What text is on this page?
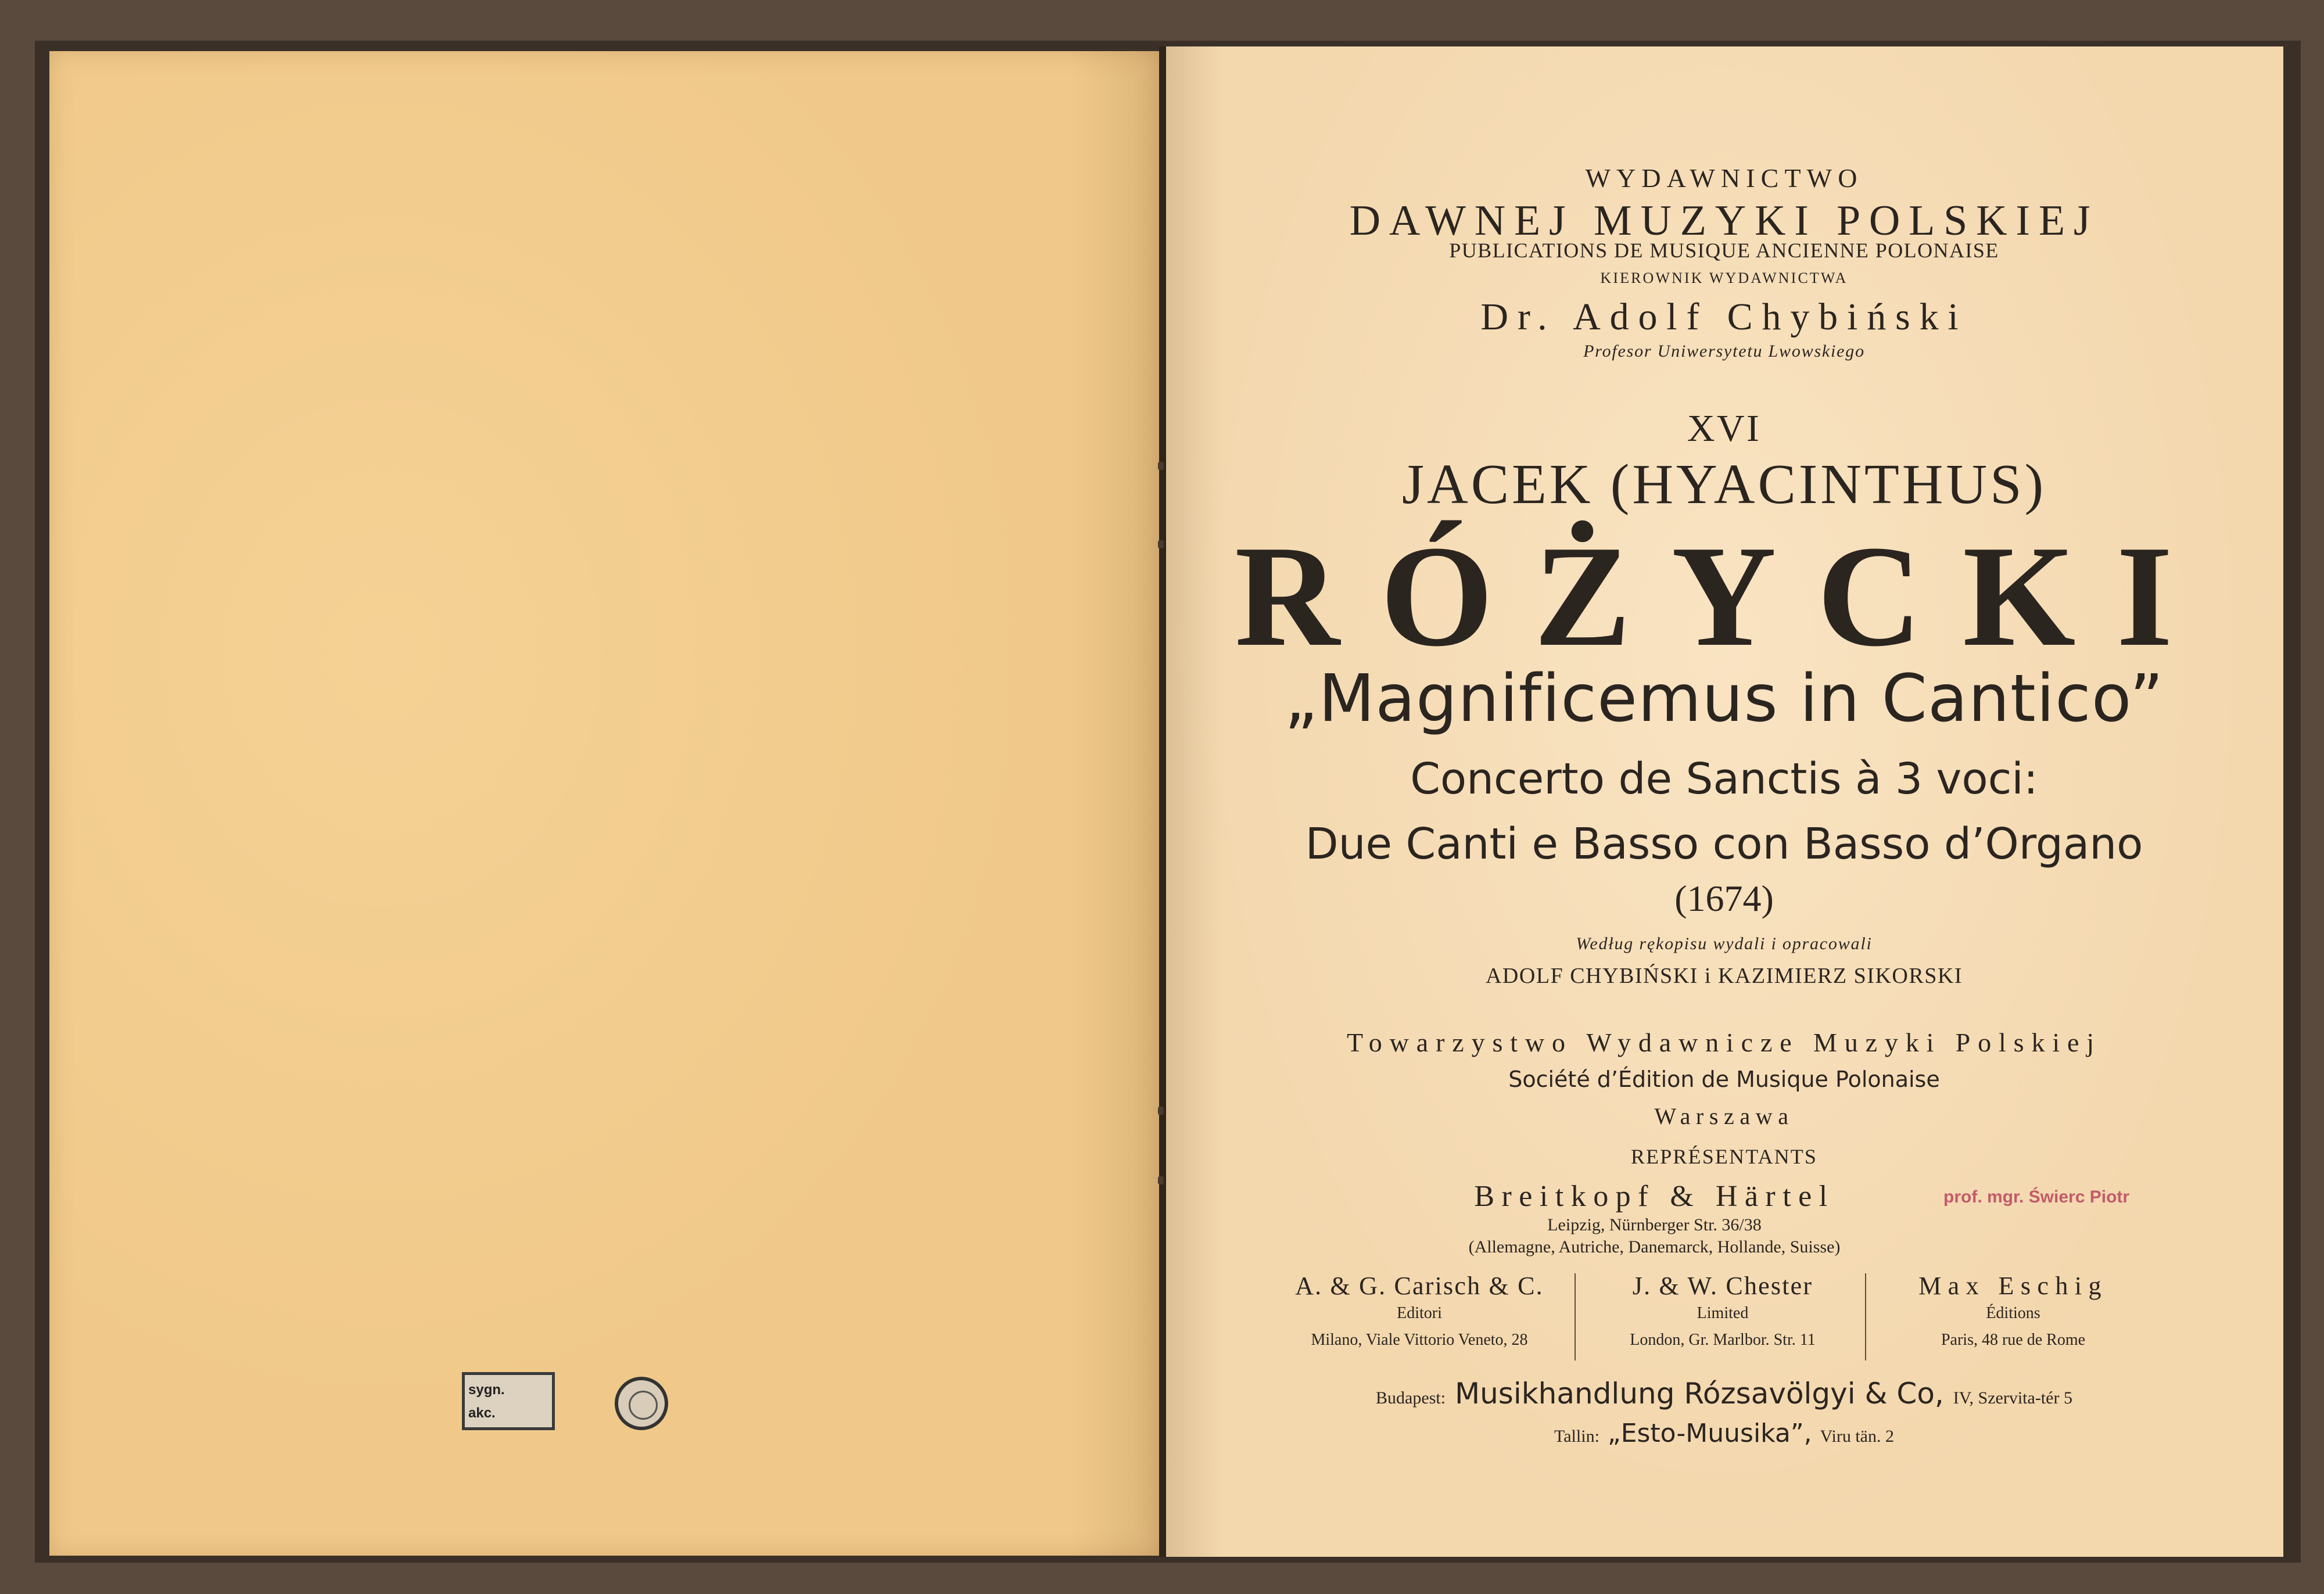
sygn.
akc.
WYDAWNICTWO
DAWNEJ MUZYKI POLSKIEJ
PUBLICATIONS DE MUSIQUE ANCIENNE POLONAISE
KIEROWNIK WYDAWNICTWA
Dr. Adolf Chybiński
Profesor Uniwersytetu Lwowskiego
XVI
JACEK (HYACINTHUS)
RÓŻYCKI
„Magnificemus in Cantico”
Concerto de Sanctis à 3 voci:
Due Canti e Basso con Basso d’Organo
(1674)
Według rękopisu wydali i opracowali
ADOLF CHYBIŃSKI i KAZIMIERZ SIKORSKI
Towarzystwo Wydawnicze Muzyki Polskiej
Société d’Édition de Musique Polonaise
Warszawa
REPRÉSENTANTS
Breitkopf & Härtel
Leipzig, Nürnberger Str. 36/38
(Allemagne, Autriche, Danemarck, Hollande, Suisse)
prof. mgr. Świerc Piotr
A. & G. Carisch & C.
Editori
Milano, Viale Vittorio Veneto, 28
J. & W. Chester
Limited
London, Gr. Marlbor. Str. 11
Max Eschig
Éditions
Paris, 48 rue de Rome
Budapest: Musikhandlung Rózsavölgyi & Co, IV, Szervita-tér 5
Tallin: „Esto-Muusika”, Viru tän. 2
